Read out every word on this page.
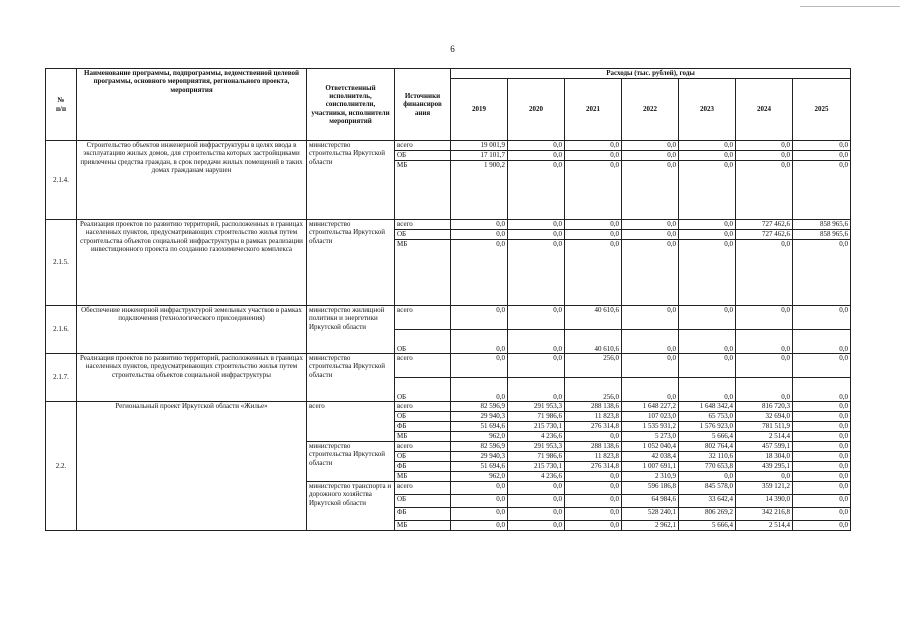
6
№
п/п	Наименование программы, подпрограммы, ведомственной целевой программы, основного мероприятия, регионального проекта, мероприятия	Ответственный исполнитель, соисполнители, участники, исполнители мероприятий	Источники финансиров ания	Расходы (тыс. рублей), годы						
				2019	2020	2021	2022	2023	2024	2025
2.1.4.	Строительство объектов инженерной инфраструктуры в целях ввода в эксплуатацию жилых домов, для строительства которых застройщиками привлечены средства граждан, в срок передачи жилых помещений в таких домах гражданам нарушен	министерство строительства Иркутской области	всего	19 001,9	0,0	0,0	0,0	0,0	0,0	0,0
			ОБ	17 101,7	0,0	0,0	0,0	0,0	0,0	0,0
			МБ	1 900,2	0,0	0,0	0,0	0,0	0,0	0,0
2.1.5.	Реализация проектов по развитию территорий, расположенных в границах населенных пунктов, предусматривающих строительство жилья путем строительства объектов социальной инфраструктуры в рамках реализации инвестиционного проекта по созданию газохимического комплекса	министерство строительства Иркутской области	всего	0,0	0,0	0,0	0,0	0,0	727 462,6	858 965,6
			ОБ	0,0	0,0	0,0	0,0	0,0	727 462,6	858 965,6
			МБ	0,0	0,0	0,0	0,0	0,0	0,0	0,0
2.1.6.	Обеспечение инженерной инфраструктурой земельных участков в рамках подключения (технологического присоединения)	министерство жилищной политики и энергетики Иркутской области	всего	0,0	0,0	40 610,6	0,0	0,0	0,0	0,0
			ОБ	0,0	0,0	40 610,6	0,0	0,0	0,0	0,0
2.1.7.	Реализация проектов по развитию территорий, расположенных в границах населенных пунктов, предусматривающих строительство жилья путем строительства объектов социальной инфраструктуры	министерство строительства Иркутской области	всего	0,0	0,0	256,0	0,0	0,0	0,0	0,0
			ОБ	0,0	0,0	256,0	0,0	0,0	0,0	0,0
2.2.	Региональный проект Иркутской области «Жилье»	всего	всего	82 596,9	291 953,3	288 138,6	1 648 227,2	1 648 342,4	816 720,3	0,0
			ОБ	29 940,3	71 986,6	11 823,8	107 023,0	65 753,0	32 694,0	0,0
			ФБ	51 694,6	215 730,1	276 314,8	1 535 931,2	1 576 923,0	781 511,9	0,0
			МБ	962,0	4 236,6	0,0	5 273,0	5 666,4	2 514,4	0,0
		министерство строительства Иркутской области	всего	82 596,9	291 953,3	288 138,6	1 052 040,4	802 764,4	457 599,1	0,0
			ОБ	29 940,3	71 986,6	11 823,8	42 038,4	32 110,6	18 304,0	0,0
			ФБ	51 694,6	215 730,1	276 314,8	1 007 691,1	770 653,8	439 295,1	0,0
			МБ	962,0	4 236,6	0,0	2 310,9	0,0	0,0	0,0
		министерство транспорта и дорожного хозяйства Иркутской области	всего	0,0	0,0	0,0	596 186,8	845 578,0	359 121,2	0,0
			ОБ	0,0	0,0	0,0	64 984,6	33 642,4	14 390,0	0,0
			ФБ	0,0	0,0	0,0	528 240,1	806 269,2	342 216,8	0,0
			МБ	0,0	0,0	0,0	2 962,1	5 666,4	2 514,4	0,0
